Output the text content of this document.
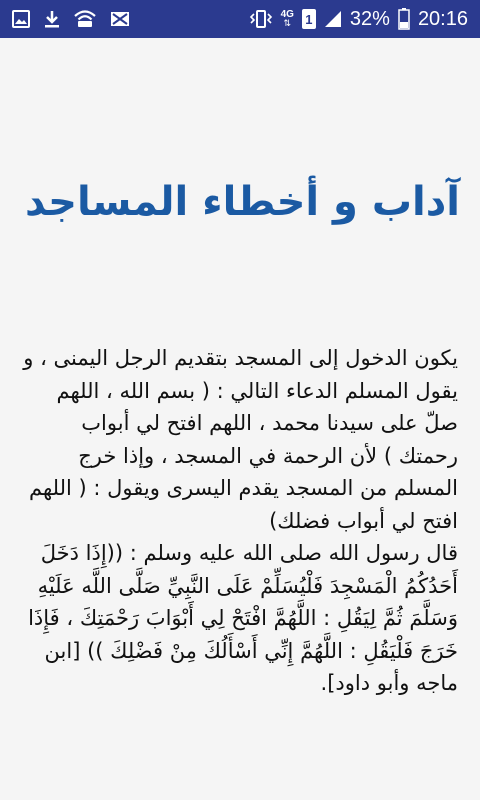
4G
⇅ 1 32% 20:16
آداب و أخطاء المساجد

يكون الدخول إلى المسجد بتقديم الرجل اليمنى ، و يقول المسلم الدعاء التالي : ( بسم الله ، اللهم صلّ على سيدنا محمد ، اللهم افتح لي أبواب رحمتك ) لأن الرحمة في المسجد ، وإذا خرج المسلم من المسجد يقدم اليسرى ويقول : ( اللهم افتح لي أبواب فضلك)

قال رسول الله صلى الله عليه وسلم : ((إِذَا دَخَلَ أَحَدُكُمُ الْمَسْجِدَ فَلْيُسَلِّمْ عَلَى النَّبِيِّ صَلَّى اللَّه عَلَيْهِ وَسَلَّمَ ثُمَّ لِيَقُلِ : اللَّهُمَّ افْتَحْ لِي أَبْوَابَ رَحْمَتِكَ ، فَإِذَا خَرَجَ فَلْيَقُلِ : اللَّهُمَّ إِنِّي أَسْأَلُكَ مِنْ فَضْلِكَ )) [ابن ماجه وأبو داود].
